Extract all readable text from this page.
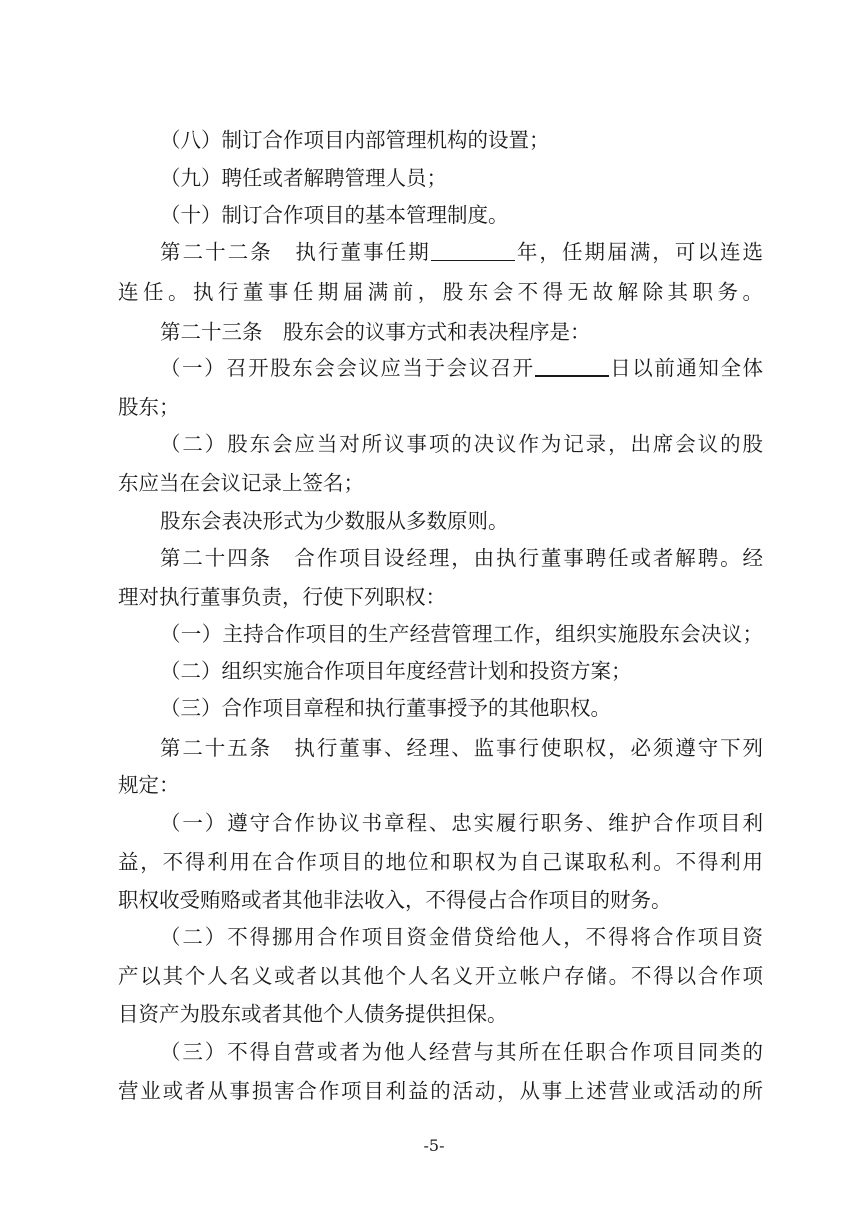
（八）制订合作项目内部管理机构的设置；
（九）聘任或者解聘管理人员；
（十）制订合作项目的基本管理制度。
第二十二条　执行董事任期	年，任期届满，可以连选
连任。执行董事任期届满前，股东会不得无故解除其职务。
第二十三条　股东会的议事方式和表决程序是：
（一）召开股东会会议应当于会议召开	日以前通知全体
股东；
（二）股东会应当对所议事项的决议作为记录，出席会议的股
东应当在会议记录上签名；
股东会表决形式为少数服从多数原则。
第二十四条　合作项目设经理，由执行董事聘任或者解聘。经
理对执行董事负责，行使下列职权：
（一）主持合作项目的生产经营管理工作，组织实施股东会决议；
（二）组织实施合作项目年度经营计划和投资方案；
（三）合作项目章程和执行董事授予的其他职权。
第二十五条　执行董事、经理、监事行使职权，必须遵守下列
规定：
（一）遵守合作协议书章程、忠实履行职务、维护合作项目利
益，不得利用在合作项目的地位和职权为自己谋取私利。不得利用
职权收受贿赂或者其他非法收入，不得侵占合作项目的财务。
（二）不得挪用合作项目资金借贷给他人，不得将合作项目资
产以其个人名义或者以其他个人名义开立帐户存储。不得以合作项
目资产为股东或者其他个人债务提供担保。
（三）不得自营或者为他人经营与其所在任职合作项目同类的
营业或者从事损害合作项目利益的活动，从事上述营业或活动的所
-5-
